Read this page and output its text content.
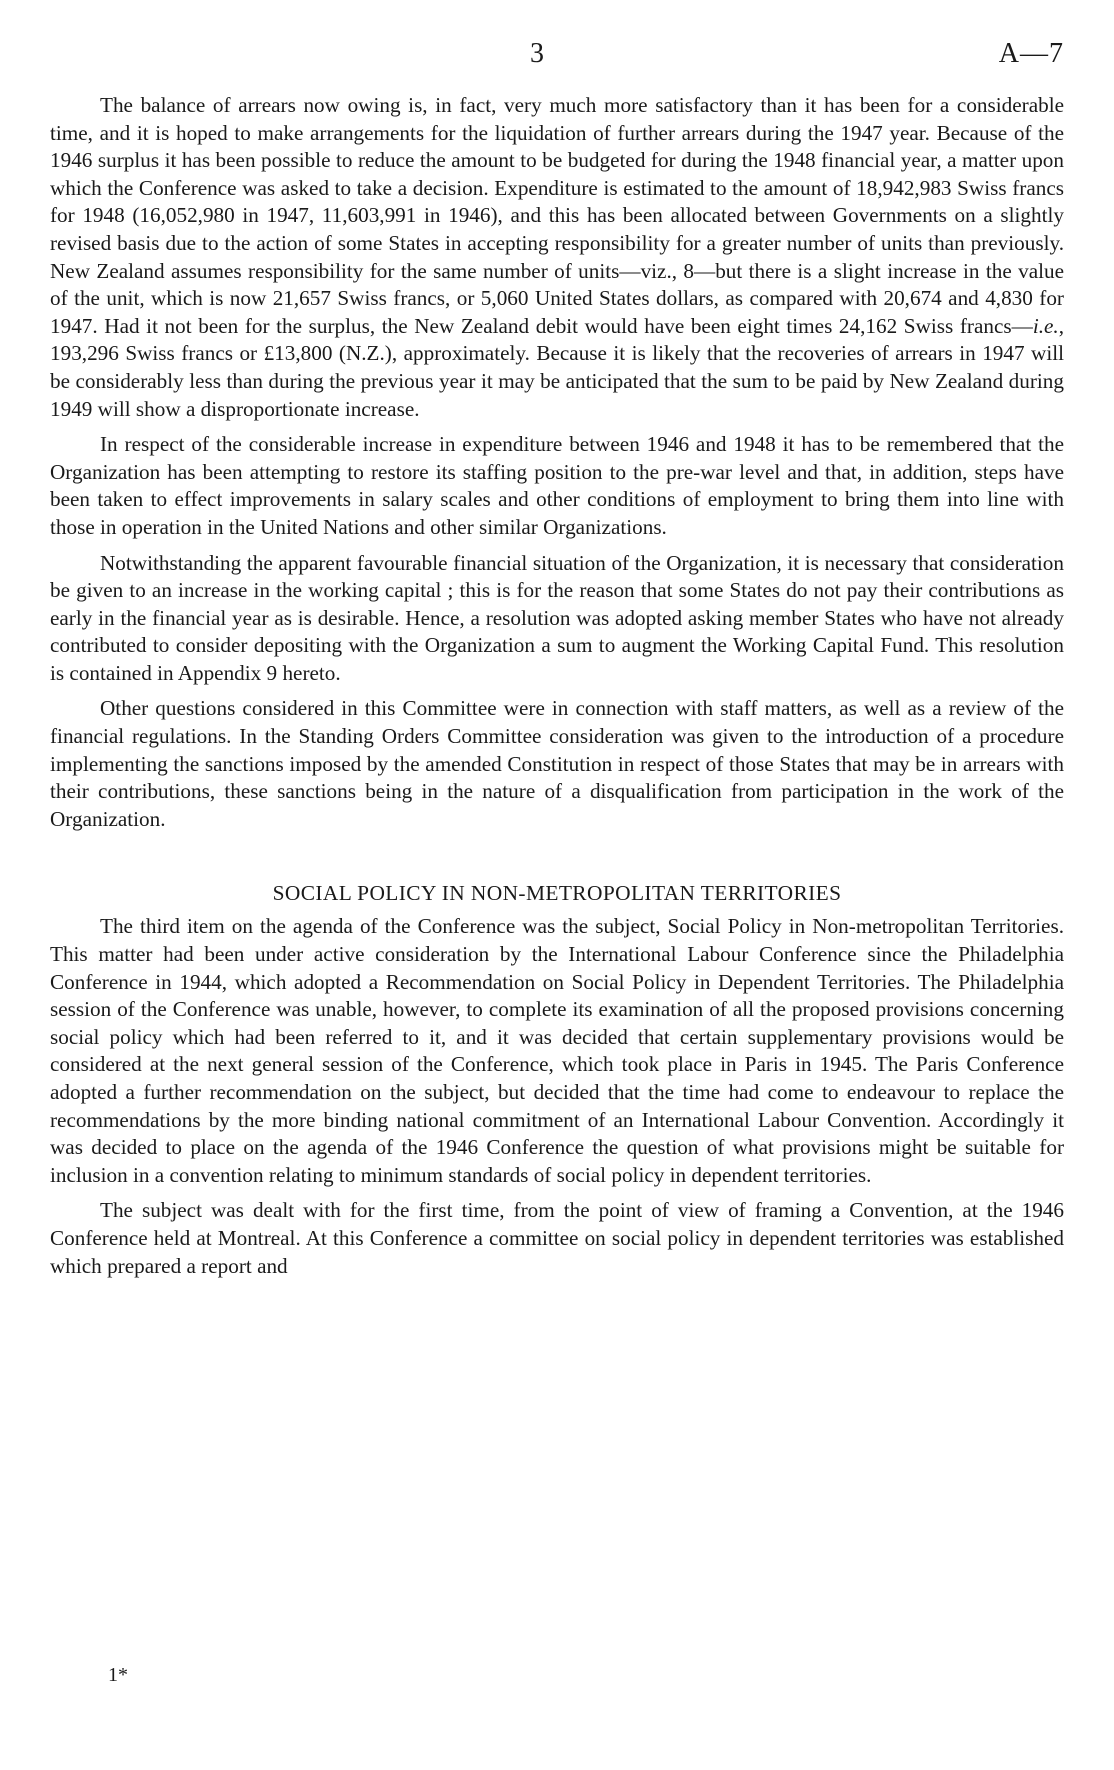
3	A—7

The balance of arrears now owing is, in fact, very much more satisfactory than it has been for a considerable time, and it is hoped to make arrangements for the liquidation of further arrears during the 1947 year. Because of the 1946 surplus it has been possible to reduce the amount to be budgeted for during the 1948 financial year, a matter upon which the Conference was asked to take a decision. Expenditure is estimated to the amount of 18,942,983 Swiss francs for 1948 (16,052,980 in 1947, 11,603,991 in 1946), and this has been allocated between Governments on a slightly revised basis due to the action of some States in accepting responsibility for a greater number of units than previously. New Zealand assumes responsibility for the same number of units—viz., 8—but there is a slight increase in the value of the unit, which is now 21,657 Swiss francs, or 5,060 United States dollars, as compared with 20,674 and 4,830 for 1947. Had it not been for the surplus, the New Zealand debit would have been eight times 24,162 Swiss francs—i.e., 193,296 Swiss francs or £13,800 (N.Z.), approximately. Because it is likely that the recoveries of arrears in 1947 will be considerably less than during the previous year it may be anticipated that the sum to be paid by New Zealand during 1949 will show a disproportionate increase.

In respect of the considerable increase in expenditure between 1946 and 1948 it has to be remembered that the Organization has been attempting to restore its staffing position to the pre-war level and that, in addition, steps have been taken to effect improvements in salary scales and other conditions of employment to bring them into line with those in operation in the United Nations and other similar Organizations.

Notwithstanding the apparent favourable financial situation of the Organization, it is necessary that consideration be given to an increase in the working capital ; this is for the reason that some States do not pay their contributions as early in the financial year as is desirable. Hence, a resolution was adopted asking member States who have not already contributed to consider depositing with the Organization a sum to augment the Working Capital Fund. This resolution is contained in Appendix 9 hereto.

Other questions considered in this Committee were in connection with staff matters, as well as a review of the financial regulations. In the Standing Orders Committee consideration was given to the introduction of a procedure implementing the sanctions imposed by the amended Constitution in respect of those States that may be in arrears with their contributions, these sanctions being in the nature of a disqualification from participation in the work of the Organization.

SOCIAL POLICY IN NON-METROPOLITAN TERRITORIES

The third item on the agenda of the Conference was the subject, Social Policy in Non-metropolitan Territories. This matter had been under active consideration by the International Labour Conference since the Philadelphia Conference in 1944, which adopted a Recommendation on Social Policy in Dependent Territories. The Philadelphia session of the Conference was unable, however, to complete its examination of all the proposed provisions concerning social policy which had been referred to it, and it was decided that certain supplementary provisions would be considered at the next general session of the Conference, which took place in Paris in 1945. The Paris Conference adopted a further recommendation on the subject, but decided that the time had come to endeavour to replace the recommendations by the more binding national commitment of an International Labour Convention. Accordingly it was decided to place on the agenda of the 1946 Conference the question of what provisions might be suitable for inclusion in a convention relating to minimum standards of social policy in dependent territories.

The subject was dealt with for the first time, from the point of view of framing a Convention, at the 1946 Conference held at Montreal. At this Conference a committee on social policy in dependent territories was established which prepared a report and

1*
